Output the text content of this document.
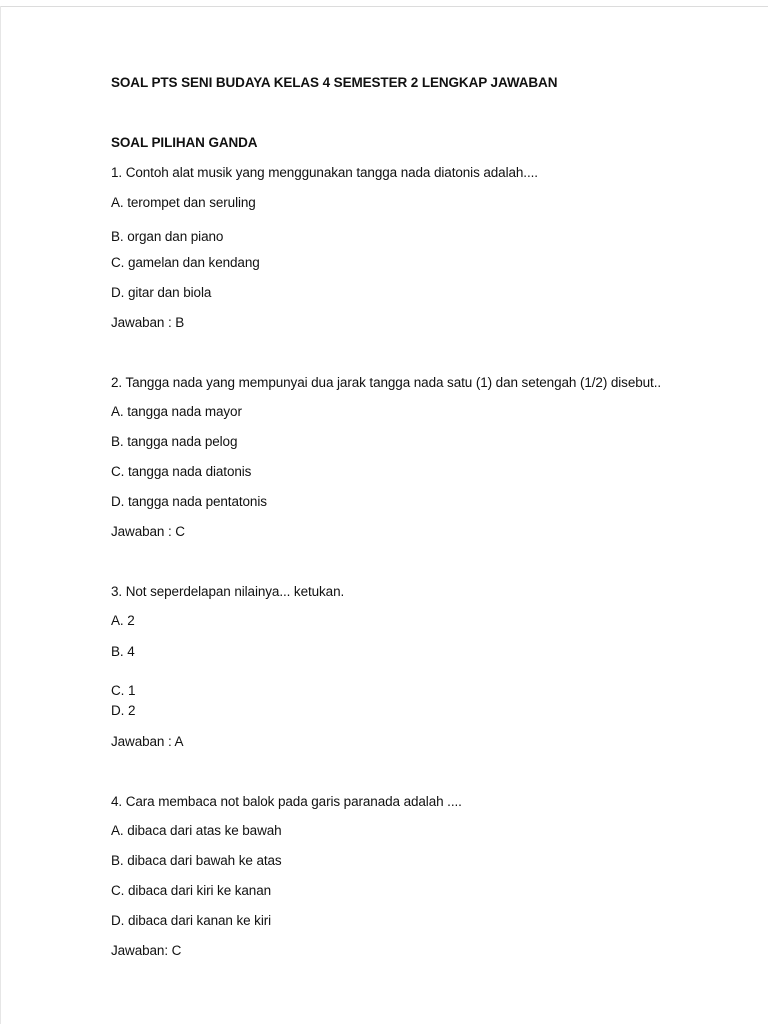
SOAL PTS SENI BUDAYA KELAS 4 SEMESTER 2 LENGKAP JAWABAN
SOAL PILIHAN GANDA
1. Contoh alat musik yang menggunakan tangga nada diatonis adalah....
A. terompet dan seruling
B. organ dan piano
C. gamelan dan kendang
D. gitar dan biola
Jawaban : B
2. Tangga nada yang mempunyai dua jarak tangga nada satu (1) dan setengah (1/2) disebut..
A. tangga nada mayor
B. tangga nada pelog
C. tangga nada diatonis
D. tangga nada pentatonis
Jawaban : C
3. Not seperdelapan nilainya... ketukan.
A. 2
B. 4
C. 1
D. 2
Jawaban : A
4. Cara membaca not balok pada garis paranada adalah ....
A. dibaca dari atas ke bawah
B. dibaca dari bawah ke atas
C. dibaca dari kiri ke kanan
D. dibaca dari kanan ke kiri
Jawaban: C
